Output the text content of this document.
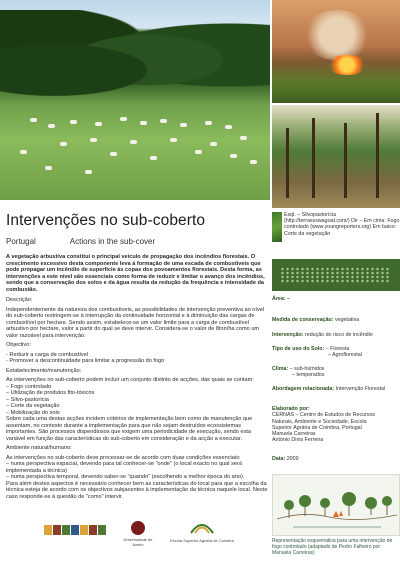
Intervenções no sub-coberto
Portugal	Actions in the sub-cover

A vegetação arbustiva constitui o principal veículo de propagação dos incêndios florestais. O crescimento excessivo desta componente leva à formação de uma escada de combustíveis que pode propagar um incêndio de superfície às copas dos povoamentos florestais. Desta forma, as intervenções a este nível são essenciais como forma de reduzir e limitar o avanço dos incêndios, sendo que a conservação dos solos e da água resulta da redução da frequência e intensidade da combustão.

Descrição:

Independentemente da natureza dos combustíveis, as possibilidades de intervenção preventiva ao nível do sub-coberto restringem-se à interrupção da continuidade horizontal e à diminuição das cargas de combustível por hectare. Sendo assim, estabelece-se um valor limite para a carga de combustível arbustivo por hectare, valor a partir do qual se deve intervir. Considera-se o valor de 8ton/ha como um valor razoável para intervenção.

Objectivo:

- Reduzir a carga de combustível
- Promover a descontinuidade para limitar a progressão do fogo

Estabelecimento/manutenção:

As intervenções no sub-coberto podem incluir um conjunto distinto de acções, das quais se contam:
– Fogo controlado
– Utilização de produtos fito-tóxicos
– Silvo-pastorícia
– Corte da vegetação
– Mobilização do solo

Sobre cada uma destas acções incidem critérios de implementação bem como de manutenção que assentam, no contexto durante a implementação para que não sejam destruídos ecossistemas importantes. São processos dispendiosos que exigem uma periodicidade de execução, sendo esta variável em função das características do sub-coberto em consideração e da acção a executar.

Ambiente natural/humano:

As intervenções no sub-coberto deve processar-se de acordo com duas condições essenciais:
– numa perspectiva espacial, devendo para tal conhecer-se "onde" (o local exacto no qual será implementada a técnica)
– numa perspectiva temporal, devendo saber-se "quando" (escolhendo a melhor época do ano).

Para além destes aspectos é necessário conhecer bem as características do local para que a escolha da técnica esteja de acordo com os objectivos subjacentes à implementação da técnica naquele local. Neste caso responde-se à questão de "como" intervir.

Esql. – Silvopastorícia (http://terrassswagoat.com/) Dir – Em cima: Fogo controlado (www.youngreporters.org) Em baixo: Corte da vegetação
Área: –
Medida de conservação: vegetativa
Intervenção: redução do risco de incêndio
Tipo de uso do Solo: – Floresta
– Agroflorestal
Clima: – sub-húmidos
– temperados
Abordagem relacionada: Intervenção Florestal
Elaborado por:
CERNAS – Centro de Estudos de Recursos
Naturais, Ambiente e Sociedade, Escola
Superior Agrária de Coimbra, Portugal
Manuela Carreiras
António Dinis Ferreira
Data: 2009
Representação esquemática para uma intervenção de fogo controlado (adaptado de Pedro Falheiro por Manuela Carreiras)
Universidade de Aveiro
Escola Superior Agrária de Coimbra
